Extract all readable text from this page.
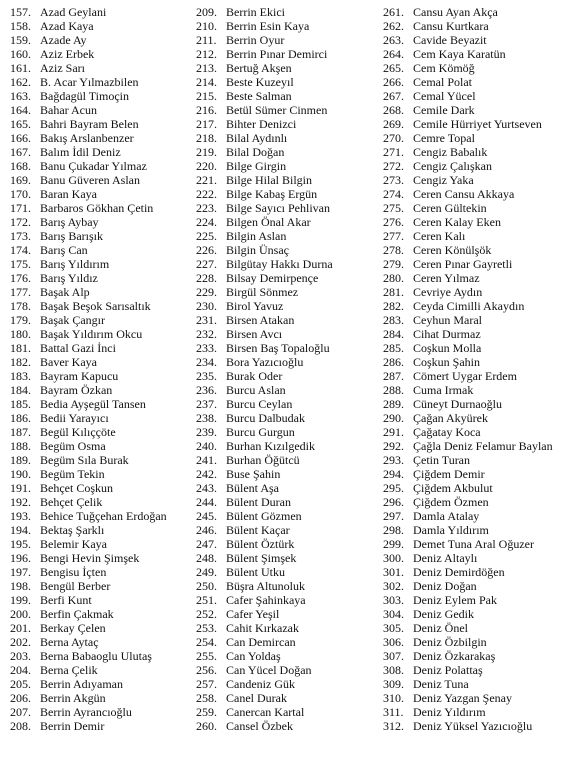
157. Azad Geylani
158. Azad Kaya
159. Azade Ay
160. Aziz Erbek
161. Aziz Sarı
162. B. Acar Yılmazbilen
163. Bağdagül Timoçin
164. Bahar Acun
165. Bahri Bayram Belen
166. Bakış Arslanbenzer
167. Balım İdil Deniz
168. Banu Çukadar Yılmaz
169. Banu Güveren Aslan
170. Baran Kaya
171. Barbaros Gökhan Çetin
172. Barış Aybay
173. Barış Barışık
174. Barış Can
175. Barış Yıldırım
176. Barış Yıldız
177. Başak Alp
178. Başak Beşok Sarısaltık
179. Başak Çangır
180. Başak Yıldırım Okcu
181. Battal Gazi İnci
182. Baver Kaya
183. Bayram Kapucu
184. Bayram Özkan
185. Bedia Ayşegül Tansen
186. Bedii Yarayıcı
187. Begül Kılıççöte
188. Begüm Osma
189. Begüm Sıla Burak
190. Begüm Tekin
191. Behçet Coşkun
192. Behçet Çelik
193. Behice Tuğçehan Erdoğan
194. Bektaş Şarklı
195. Belemir Kaya
196. Bengi Hevin Şimşek
197. Bengisu İçten
198. Bengül Berber
199. Berfi Kunt
200. Berfin Çakmak
201. Berkay Çelen
202. Berna Aytaç
203. Berna Babaoglu Ulutaş
204. Berna Çelik
205. Berrin Adıyaman
206. Berrin Akgün
207. Berrin Ayrancıoğlu
208. Berrin Demir
209. Berrin Ekici
210. Berrin Esin Kaya
211. Berrin Oyur
212. Berrin Pınar Demirci
213. Bertuğ Akşen
214. Beste Kuzeyıl
215. Beste Salman
216. Betül Sümer Cinmen
217. Bihter Denizci
218. Bilal Aydınlı
219. Bilal Doğan
220. Bilge Girgin
221. Bilge Hilal Bilgin
222. Bilge Kabaş Ergün
223. Bilge Sayıcı Pehlivan
224. Bilgen Önal Akar
225. Bilgin Aslan
226. Bilgin Ünsaç
227. Bilgütay Hakkı Durna
228. Bilsay Demirpençe
229. Birgül Sönmez
230. Birol Yavuz
231. Birsen Atakan
232. Birsen Avcı
233. Birsen Baş Topaloğlu
234. Bora Yazıcıoğlu
235. Burak Oder
236. Burcu Aslan
237. Burcu Ceylan
238. Burcu Dalbudak
239. Burcu Gurgun
240. Burhan Kızılgedik
241. Burhan Öğütcü
242. Buse Şahin
243. Bülent Aşa
244. Bülent Duran
245. Bülent Gözmen
246. Bülent Kaçar
247. Bülent Öztürk
248. Bülent Şimşek
249. Bülent Utku
250. Büşra Altunoluk
251. Cafer Şahinkaya
252. Cafer Yeşil
253. Cahit Kırkazak
254. Can Demircan
255. Can Yoldaş
256. Can Yücel Doğan
257. Candeniz Gük
258. Canel Durak
259. Canercan Kartal
260. Cansel Özbek
261. Cansu Ayan Akça
262. Cansu Kurtkara
263. Cavide Beyazit
264. Cem Kaya Karatün
265. Cem Kömöğ
266. Cemal Polat
267. Cemal Yücel
268. Cemile Dark
269. Cemile Hürriyet Yurtseven
270. Cemre Topal
271. Cengiz Babalık
272. Cengiz Çalışkan
273. Cengiz Yaka
274. Ceren Cansu Akkaya
275. Ceren Gültekin
276. Ceren Kalay Eken
277. Ceren Kalı
278. Ceren Könülşök
279. Ceren Pınar Gayretli
280. Ceren Yılmaz
281. Cevriye Aydın
282. Ceyda Cimilli Akaydın
283. Ceyhun Maral
284. Cihat Durmaz
285. Coşkun Molla
286. Coşkun Şahin
287. Cömert Uygar Erdem
288. Cuma Irmak
289. Cüneyt Durnaoğlu
290. Çağan Akyürek
291. Çağatay Koca
292. Çağla Deniz Felamur Baylan
293. Çetin Turan
294. Çiğdem Demir
295. Çiğdem Akbulut
296. Çiğdem Özmen
297. Damla Atalay
298. Damla Yıldırım
299. Demet Tuna Aral Oğuzer
300. Deniz Altaylı
301. Deniz Demirdöğen
302. Deniz Doğan
303. Deniz Eylem Pak
304. Deniz Gedik
305. Deniz Önel
306. Deniz Özbilgin
307. Deniz Özkarakaş
308. Deniz Polattaş
309. Deniz Tuna
310. Deniz Yazgan Şenay
311. Deniz Yıldırım
312. Deniz Yüksel Yazıcıoğlu
